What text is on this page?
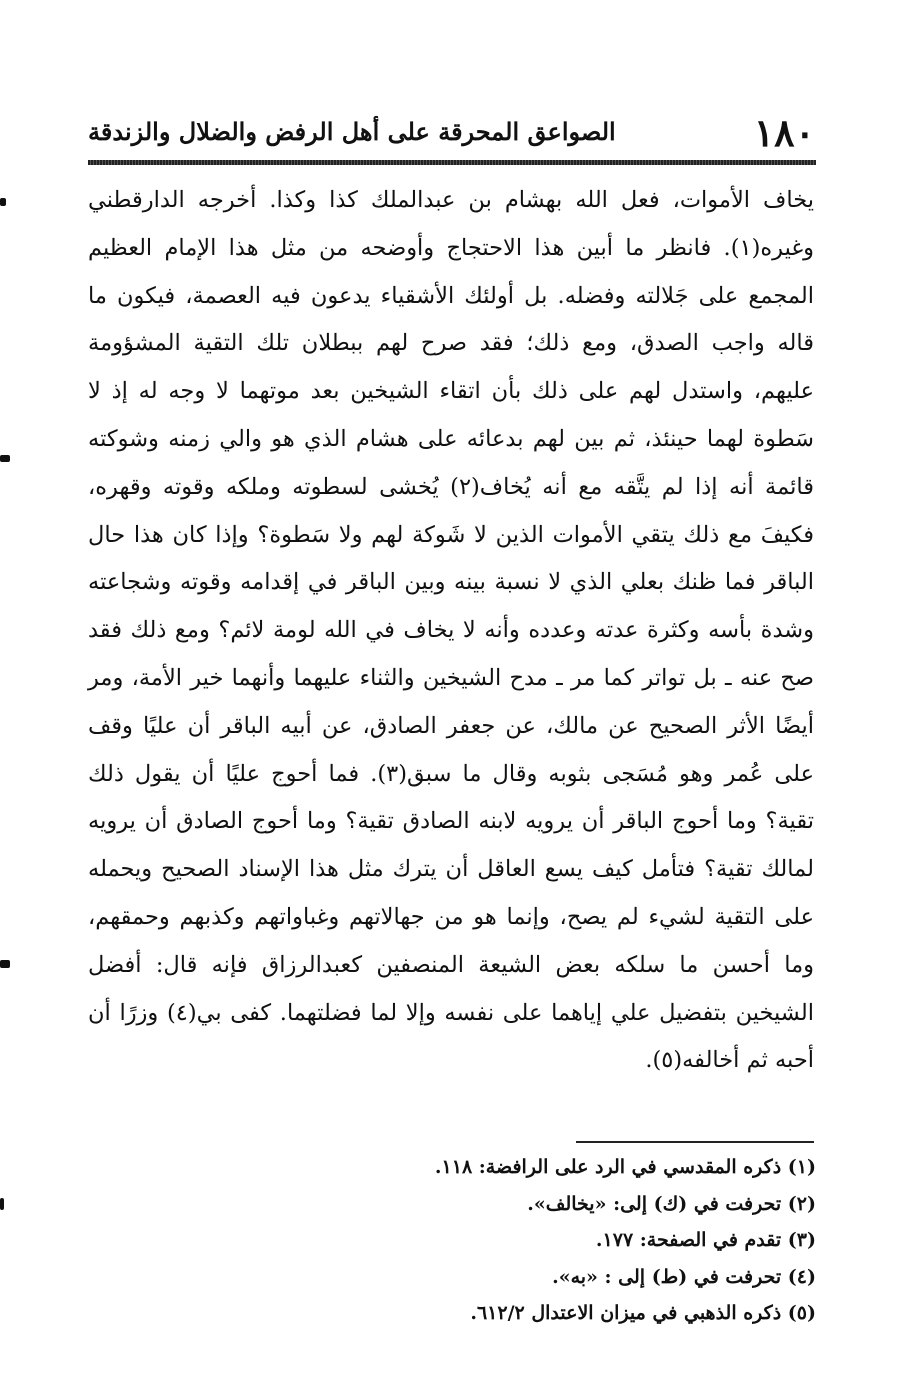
١٨٠
الصواعق المحرقة على أهل الرفض والضلال والزندقة

يخاف الأموات، فعل الله بهشام بن عبدالملك كذا وكذا. أخرجه الدارقطني وغيره(١). فانظر ما أبين هذا الاحتجاج وأوضحه من مثل هذا الإمام العظيم المجمع على جَلالته وفضله. بل أولئك الأشقياء يدعون فيه العصمة، فيكون ما قاله واجب الصدق، ومع ذلك؛ فقد صرح لهم ببطلان تلك التقية المشؤومة عليهم، واستدل لهم على ذلك بأن اتقاء الشيخين بعد موتهما لا وجه له إذ لا سَطوة لهما حينئذ، ثم بين لهم بدعائه على هشام الذي هو والي زمنه وشوكته قائمة أنه إذا لم يتَّقه مع أنه يُخاف(٢) يُخشى لسطوته وملكه وقوته وقهره، فكيفَ مع ذلك يتقي الأموات الذين لا شَوكة لهم ولا سَطوة؟ وإذا كان هذا حال الباقر فما ظنك بعلي الذي لا نسبة بينه وبين الباقر في إقدامه وقوته وشجاعته وشدة بأسه وكثرة عدته وعدده وأنه لا يخاف في الله لومة لائم؟ ومع ذلك فقد صح عنه ـ بل تواتر كما مر ـ مدح الشيخين والثناء عليهما وأنهما خير الأمة، ومر أيضًا الأثر الصحيح عن مالك، عن جعفر الصادق، عن أبيه الباقر أن عليًا وقف على عُمر وهو مُسَجى بثوبه وقال ما سبق(٣). فما أحوج عليًا أن يقول ذلك تقية؟ وما أحوج الباقر أن يرويه لابنه الصادق تقية؟ وما أحوج الصادق أن يرويه لمالك تقية؟ فتأمل كيف يسع العاقل أن يترك مثل هذا الإسناد الصحيح ويحمله على التقية لشيء لم يصح، وإنما هو من جهالاتهم وغباواتهم وكذبهم وحمقهم، وما أحسن ما سلكه بعض الشيعة المنصفين كعبدالرزاق فإنه قال: أفضل الشيخين بتفضيل علي إياهما على نفسه وإلا لما فضلتهما. كفى بي(٤) وزرًا أن أحبه ثم أخالفه(٥).

(١) ذكره المقدسي في الرد على الرافضة: ١١٨.
(٢) تحرفت في (ك) إلى: «يخالف».
(٣) تقدم في الصفحة: ١٧٧.
(٤) تحرفت في (ط) إلى : «به».
(٥) ذكره الذهبي في ميزان الاعتدال ٦١٢/٢.
